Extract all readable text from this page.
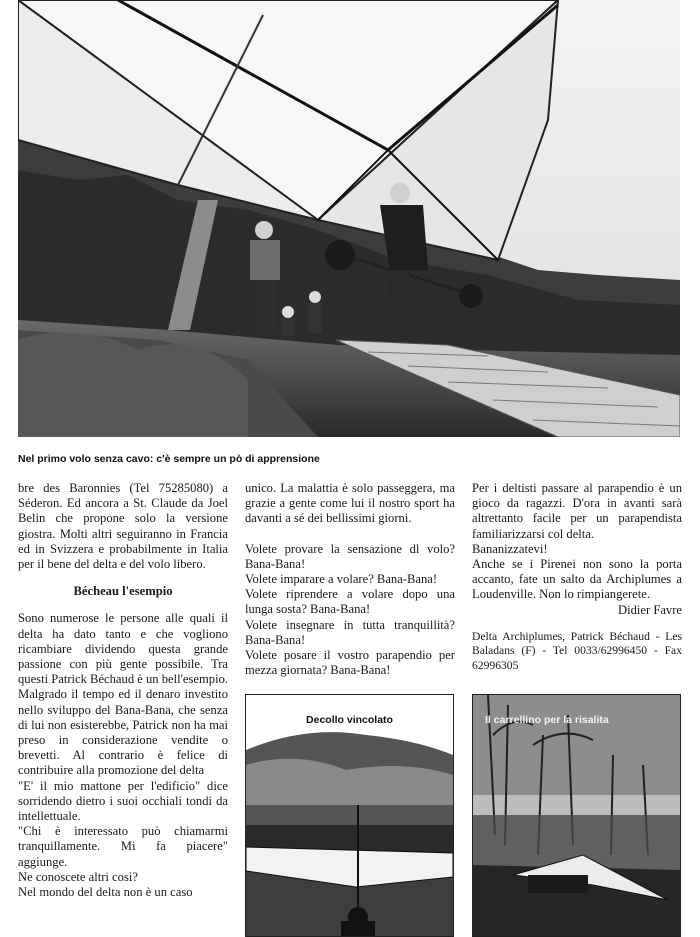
Nel primo volo senza cavo: c'è sempre un pò di apprensione

bre des Baronnies (Tel 75285080) a Séderon. Ed ancora a St. Claude da Joel Belin che propone solo la versione giostra. Molti altri seguiranno in Francia ed in Svizzera e probabilmente in Italia per il bene del delta e del volo libero.

Bécheau l'esempio

Sono numerose le persone alle quali il delta ha dato tanto e che vogliono ricambiare dividendo questa grande passione con più gente possibile. Tra questi Patrick Béchaud è un bell'esempio. Malgrado il tempo ed il denaro investito nello sviluppo del Bana-Bana, che senza di lui non esisterebbe, Patrick non ha mai preso in considerazione vendite o brevetti. Al contrario è felice di contribuire alla promozione del delta

"E' il mio mattone per l'edificio" dice sorridendo dietro i suoi occhiali tondi da intellettuale.

"Chi è interessato può chiamarmi tranquillamente. Mi fa piacere" aggiunge.

Ne conoscete altri così?

Nel mondo del delta non è un caso

unico. La malattia è solo passeggera, ma grazie a gente come lui il nostro sport ha davanti a sé dei bellissimi giorni.

Volete provare la sensazione dl volo? Bana-Bana!

Volete imparare a volare? Bana-Bana!

Volete riprendere a volare dopo una lunga sosta? Bana-Bana!

Volete insegnare in tutta tranquillità? Bana-Bana!

Volete posare il vostro parapendio per mezza giornata? Bana-Bana!

Per i deltisti passare al parapendio è un gioco da ragazzi. D'ora in avanti sarà altrettanto facile per un parapendista familiarizzarsi col delta.

Bananizzatevi!

Anche se i Pirenei non sono la porta accanto, fate un salto da Archiplumes a Loudenville. Non lo rimpiangerete.

Didier Favre

Delta Archiplumes, Patrick Béchaud - Les Baladans (F) - Tel 0033/62996450 - Fax 62996305

Decollo vincolato	Il carrellino per la risalita
